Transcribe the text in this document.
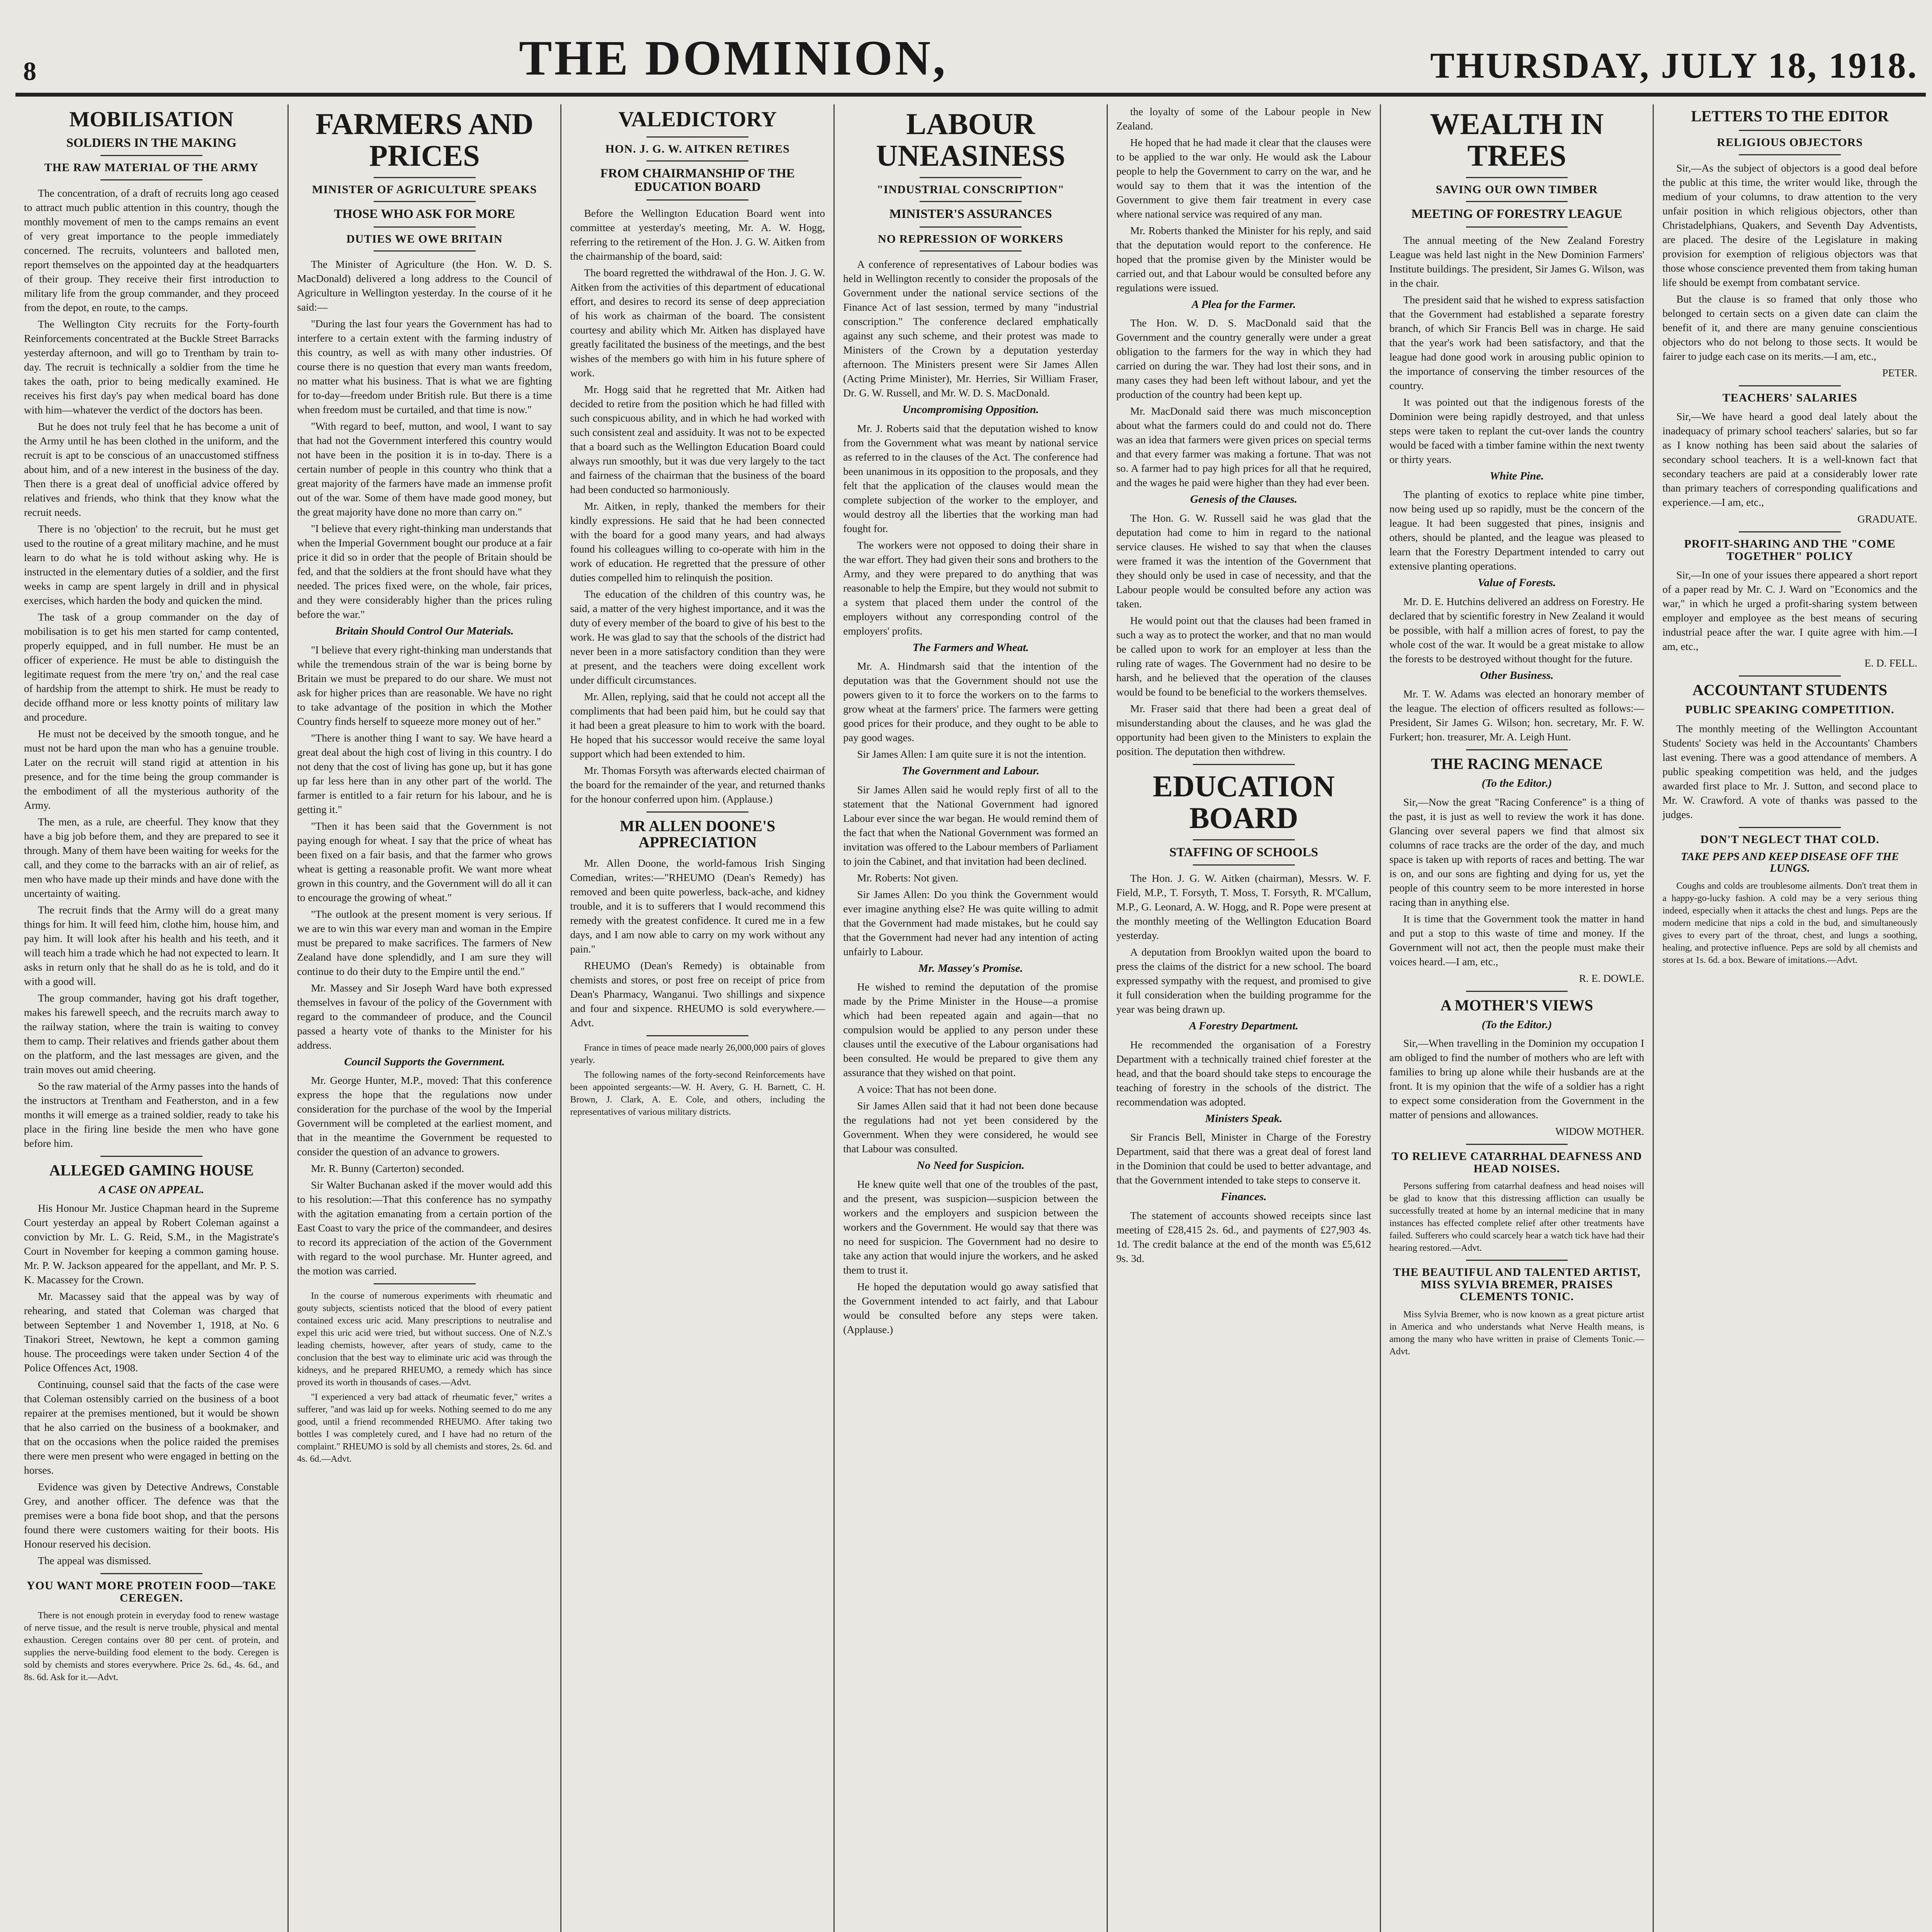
8	THE DOMINION,	THURSDAY, JULY 18, 1918.
MOBILISATION
SOLDIERS IN THE MAKING
THE RAW MATERIAL OF THE ARMY

The concentration, of a draft of recruits long ago ceased to attract much public attention in this country, though the monthly movement of men to the camps remains an event of very great importance to the people immediately concerned. The recruits, volunteers and balloted men, report themselves on the appointed day at the headquarters of their group. They receive their first introduction to military life from the group commander, and they proceed from the depot, en route, to the camps.

The Wellington City recruits for the Forty-fourth Reinforcements concentrated at the Buckle Street Barracks yesterday afternoon, and will go to Trentham by train to-day. The recruit is technically a soldier from the time he takes the oath, prior to being medically examined. He receives his first day's pay when medical board has done with him—whatever the verdict of the doctors has been.

But he does not truly feel that he has become a unit of the Army until he has been clothed in the uniform, and the recruit is apt to be conscious of an unaccustomed stiffness about him, and of a new interest in the business of the day. Then there is a great deal of unofficial advice offered by relatives and friends, who think that they know what the recruit needs.

There is no 'objection' to the recruit, but he must get used to the routine of a great military machine, and he must learn to do what he is told without asking why. He is instructed in the elementary duties of a soldier, and the first weeks in camp are spent largely in drill and in physical exercises, which harden the body and quicken the mind.

The task of a group commander on the day of mobilisation is to get his men started for camp contented, properly equipped, and in full number. He must be an officer of experience. He must be able to distinguish the legitimate request from the mere 'try on,' and the real case of hardship from the attempt to shirk. He must be ready to decide offhand more or less knotty points of military law and procedure.

He must not be deceived by the smooth tongue, and he must not be hard upon the man who has a genuine trouble. Later on the recruit will stand rigid at attention in his presence, and for the time being the group commander is the embodiment of all the mysterious authority of the Army.

The men, as a rule, are cheerful. They know that they have a big job before them, and they are prepared to see it through. Many of them have been waiting for weeks for the call, and they come to the barracks with an air of relief, as men who have made up their minds and have done with the uncertainty of waiting.

The recruit finds that the Army will do a great many things for him. It will feed him, clothe him, house him, and pay him. It will look after his health and his teeth, and it will teach him a trade which he had not expected to learn. It asks in return only that he shall do as he is told, and do it with a good will.

The group commander, having got his draft together, makes his farewell speech, and the recruits march away to the railway station, where the train is waiting to convey them to camp. Their relatives and friends gather about them on the platform, and the last messages are given, and the train moves out amid cheering.

So the raw material of the Army passes into the hands of the instructors at Trentham and Featherston, and in a few months it will emerge as a trained soldier, ready to take his place in the firing line beside the men who have gone before him.

ALLEGED GAMING HOUSE
A CASE ON APPEAL.

His Honour Mr. Justice Chapman heard in the Supreme Court yesterday an appeal by Robert Coleman against a conviction by Mr. L. G. Reid, S.M., in the Magistrate's Court in November for keeping a common gaming house. Mr. P. W. Jackson appeared for the appellant, and Mr. P. S. K. Macassey for the Crown.

Mr. Macassey said that the appeal was by way of rehearing, and stated that Coleman was charged that between September 1 and November 1, 1918, at No. 6 Tinakori Street, Newtown, he kept a common gaming house. The proceedings were taken under Section 4 of the Police Offences Act, 1908.

Continuing, counsel said that the facts of the case were that Coleman ostensibly carried on the business of a boot repairer at the premises mentioned, but it would be shown that he also carried on the business of a bookmaker, and that on the occasions when the police raided the premises there were men present who were engaged in betting on the horses.

Evidence was given by Detective Andrews, Constable Grey, and another officer. The defence was that the premises were a bona fide boot shop, and that the persons found there were customers waiting for their boots. His Honour reserved his decision.

The appeal was dismissed.

YOU WANT MORE PROTEIN FOOD—TAKE CEREGEN.

There is not enough protein in everyday food to renew wastage of nerve tissue, and the result is nerve trouble, physical and mental exhaustion. Ceregen contains over 80 per cent. of protein, and supplies the nerve-building food element to the body. Ceregen is sold by chemists and stores everywhere. Price 2s. 6d., 4s. 6d., and 8s. 6d. Ask for it.—Advt.

FARMERS AND PRICES
MINISTER OF AGRICULTURE SPEAKS
THOSE WHO ASK FOR MORE
DUTIES WE OWE BRITAIN

The Minister of Agriculture (the Hon. W. D. S. MacDonald) delivered a long address to the Council of Agriculture in Wellington yesterday. In the course of it he said:—

"During the last four years the Government has had to interfere to a certain extent with the farming industry of this country, as well as with many other industries. Of course there is no question that every man wants freedom, no matter what his business. That is what we are fighting for to-day—freedom under British rule. But there is a time when freedom must be curtailed, and that time is now."

"With regard to beef, mutton, and wool, I want to say that had not the Government interfered this country would not have been in the position it is in to-day. There is a certain number of people in this country who think that a great majority of the farmers have made an immense profit out of the war. Some of them have made good money, but the great majority have done no more than carry on."

"I believe that every right-thinking man understands that when the Imperial Government bought our produce at a fair price it did so in order that the people of Britain should be fed, and that the soldiers at the front should have what they needed. The prices fixed were, on the whole, fair prices, and they were considerably higher than the prices ruling before the war."

Britain Should Control Our Materials.

"I believe that every right-thinking man understands that while the tremendous strain of the war is being borne by Britain we must be prepared to do our share. We must not ask for higher prices than are reasonable. We have no right to take advantage of the position in which the Mother Country finds herself to squeeze more money out of her."

"There is another thing I want to say. We have heard a great deal about the high cost of living in this country. I do not deny that the cost of living has gone up, but it has gone up far less here than in any other part of the world. The farmer is entitled to a fair return for his labour, and he is getting it."

"Then it has been said that the Government is not paying enough for wheat. I say that the price of wheat has been fixed on a fair basis, and that the farmer who grows wheat is getting a reasonable profit. We want more wheat grown in this country, and the Government will do all it can to encourage the growing of wheat."

"The outlook at the present moment is very serious. If we are to win this war every man and woman in the Empire must be prepared to make sacrifices. The farmers of New Zealand have done splendidly, and I am sure they will continue to do their duty to the Empire until the end."

Mr. Massey and Sir Joseph Ward have both expressed themselves in favour of the policy of the Government with regard to the commandeer of produce, and the Council passed a hearty vote of thanks to the Minister for his address.

Council Supports the Government.

Mr. George Hunter, M.P., moved: That this conference express the hope that the regulations now under consideration for the purchase of the wool by the Imperial Government will be completed at the earliest moment, and that in the meantime the Government be requested to consider the question of an advance to growers.

Mr. R. Bunny (Carterton) seconded.

Sir Walter Buchanan asked if the mover would add this to his resolution:—That this conference has no sympathy with the agitation emanating from a certain portion of the East Coast to vary the price of the commandeer, and desires to record its appreciation of the action of the Government with regard to the wool purchase. Mr. Hunter agreed, and the motion was carried.

In the course of numerous experiments with rheumatic and gouty subjects, scientists noticed that the blood of every patient contained excess uric acid. Many prescriptions to neutralise and expel this uric acid were tried, but without success. One of N.Z.'s leading chemists, however, after years of study, came to the conclusion that the best way to eliminate uric acid was through the kidneys, and he prepared RHEUMO, a remedy which has since proved its worth in thousands of cases.—Advt.

"I experienced a very bad attack of rheumatic fever," writes a sufferer, "and was laid up for weeks. Nothing seemed to do me any good, until a friend recommended RHEUMO. After taking two bottles I was completely cured, and I have had no return of the complaint." RHEUMO is sold by all chemists and stores, 2s. 6d. and 4s. 6d.—Advt.

VALEDICTORY
HON. J. G. W. AITKEN RETIRES
FROM CHAIRMANSHIP OF THE EDUCATION BOARD

Before the Wellington Education Board went into committee at yesterday's meeting, Mr. A. W. Hogg, referring to the retirement of the Hon. J. G. W. Aitken from the chairmanship of the board, said:

The board regretted the withdrawal of the Hon. J. G. W. Aitken from the activities of this department of educational effort, and desires to record its sense of deep appreciation of his work as chairman of the board. The consistent courtesy and ability which Mr. Aitken has displayed have greatly facilitated the business of the meetings, and the best wishes of the members go with him in his future sphere of work.

Mr. Hogg said that he regretted that Mr. Aitken had decided to retire from the position which he had filled with such conspicuous ability, and in which he had worked with such consistent zeal and assiduity. It was not to be expected that a board such as the Wellington Education Board could always run smoothly, but it was due very largely to the tact and fairness of the chairman that the business of the board had been conducted so harmoniously.

Mr. Aitken, in reply, thanked the members for their kindly expressions. He said that he had been connected with the board for a good many years, and had always found his colleagues willing to co-operate with him in the work of education. He regretted that the pressure of other duties compelled him to relinquish the position.

The education of the children of this country was, he said, a matter of the very highest importance, and it was the duty of every member of the board to give of his best to the work. He was glad to say that the schools of the district had never been in a more satisfactory condition than they were at present, and the teachers were doing excellent work under difficult circumstances.

Mr. Allen, replying, said that he could not accept all the compliments that had been paid him, but he could say that it had been a great pleasure to him to work with the board. He hoped that his successor would receive the same loyal support which had been extended to him.

Mr. Thomas Forsyth was afterwards elected chairman of the board for the remainder of the year, and returned thanks for the honour conferred upon him. (Applause.)

MR ALLEN DOONE'S APPRECIATION

Mr. Allen Doone, the world-famous Irish Singing Comedian, writes:—"RHEUMO (Dean's Remedy) has removed and been quite powerless, back-ache, and kidney trouble, and it is to sufferers that I would recommend this remedy with the greatest confidence. It cured me in a few days, and I am now able to carry on my work without any pain."

RHEUMO (Dean's Remedy) is obtainable from chemists and stores, or post free on receipt of price from Dean's Pharmacy, Wanganui. Two shillings and sixpence and four and sixpence. RHEUMO is sold everywhere.—Advt.

France in times of peace made nearly 26,000,000 pairs of gloves yearly.

The following names of the forty-second Reinforcements have been appointed sergeants:—W. H. Avery, G. H. Barnett, C. H. Brown, J. Clark, A. E. Cole, and others, including the representatives of various military districts.

LABOUR UNEASINESS
"INDUSTRIAL CONSCRIPTION"
MINISTER'S ASSURANCES
NO REPRESSION OF WORKERS

A conference of representatives of Labour bodies was held in Wellington recently to consider the proposals of the Government under the national service sections of the Finance Act of last session, termed by many "industrial conscription." The conference declared emphatically against any such scheme, and their protest was made to Ministers of the Crown by a deputation yesterday afternoon. The Ministers present were Sir James Allen (Acting Prime Minister), Mr. Herries, Sir William Fraser, Dr. G. W. Russell, and Mr. W. D. S. MacDonald.

Uncompromising Opposition.

Mr. J. Roberts said that the deputation wished to know from the Government what was meant by national service as referred to in the clauses of the Act. The conference had been unanimous in its opposition to the proposals, and they felt that the application of the clauses would mean the complete subjection of the worker to the employer, and would destroy all the liberties that the working man had fought for.

The workers were not opposed to doing their share in the war effort. They had given their sons and brothers to the Army, and they were prepared to do anything that was reasonable to help the Empire, but they would not submit to a system that placed them under the control of the employers without any corresponding control of the employers' profits.

The Farmers and Wheat.

Mr. A. Hindmarsh said that the intention of the deputation was that the Government should not use the powers given to it to force the workers on to the farms to grow wheat at the farmers' price. The farmers were getting good prices for their produce, and they ought to be able to pay good wages.

Sir James Allen: I am quite sure it is not the intention.

The Government and Labour.

Sir James Allen said he would reply first of all to the statement that the National Government had ignored Labour ever since the war began. He would remind them of the fact that when the National Government was formed an invitation was offered to the Labour members of Parliament to join the Cabinet, and that invitation had been declined.

Mr. Roberts: Not given.

Sir James Allen: Do you think the Government would ever imagine anything else? He was quite willing to admit that the Government had made mistakes, but he could say that the Government had never had any intention of acting unfairly to Labour.

Mr. Massey's Promise.

He wished to remind the deputation of the promise made by the Prime Minister in the House—a promise which had been repeated again and again—that no compulsion would be applied to any person under these clauses until the executive of the Labour organisations had been consulted. He would be prepared to give them any assurance that they wished on that point.

A voice: That has not been done.

Sir James Allen said that it had not been done because the regulations had not yet been considered by the Government. When they were considered, he would see that Labour was consulted.

No Need for Suspicion.

He knew quite well that one of the troubles of the past, and the present, was suspicion—suspicion between the workers and the employers and suspicion between the workers and the Government. He would say that there was no need for suspicion. The Government had no desire to take any action that would injure the workers, and he asked them to trust it.

He hoped the deputation would go away satisfied that the Government intended to act fairly, and that Labour would be consulted before any steps were taken. (Applause.)

the loyalty of some of the Labour people in New Zealand.

He hoped that he had made it clear that the clauses were to be applied to the war only. He would ask the Labour people to help the Government to carry on the war, and he would say to them that it was the intention of the Government to give them fair treatment in every case where national service was required of any man.

Mr. Roberts thanked the Minister for his reply, and said that the deputation would report to the conference. He hoped that the promise given by the Minister would be carried out, and that Labour would be consulted before any regulations were issued.

A Plea for the Farmer.

The Hon. W. D. S. MacDonald said that the Government and the country generally were under a great obligation to the farmers for the way in which they had carried on during the war. They had lost their sons, and in many cases they had been left without labour, and yet the production of the country had been kept up.

Mr. MacDonald said there was much misconception about what the farmers could do and could not do. There was an idea that farmers were given prices on special terms and that every farmer was making a fortune. That was not so. A farmer had to pay high prices for all that he required, and the wages he paid were higher than they had ever been.

Genesis of the Clauses.

The Hon. G. W. Russell said he was glad that the deputation had come to him in regard to the national service clauses. He wished to say that when the clauses were framed it was the intention of the Government that they should only be used in case of necessity, and that the Labour people would be consulted before any action was taken.

He would point out that the clauses had been framed in such a way as to protect the worker, and that no man would be called upon to work for an employer at less than the ruling rate of wages. The Government had no desire to be harsh, and he believed that the operation of the clauses would be found to be beneficial to the workers themselves.

Mr. Fraser said that there had been a great deal of misunderstanding about the clauses, and he was glad the opportunity had been given to the Ministers to explain the position. The deputation then withdrew.

EDUCATION BOARD
STAFFING OF SCHOOLS

The Hon. J. G. W. Aitken (chairman), Messrs. W. F. Field, M.P., T. Forsyth, T. Moss, T. Forsyth, R. M'Callum, M.P., G. Leonard, A. W. Hogg, and R. Pope were present at the monthly meeting of the Wellington Education Board yesterday.

A deputation from Brooklyn waited upon the board to press the claims of the district for a new school. The board expressed sympathy with the request, and promised to give it full consideration when the building programme for the year was being drawn up.

A Forestry Department.

He recommended the organisation of a Forestry Department with a technically trained chief forester at the head, and that the board should take steps to encourage the teaching of forestry in the schools of the district. The recommendation was adopted.

Ministers Speak.

Sir Francis Bell, Minister in Charge of the Forestry Department, said that there was a great deal of forest land in the Dominion that could be used to better advantage, and that the Government intended to take steps to conserve it.

Finances.

The statement of accounts showed receipts since last meeting of £28,415 2s. 6d., and payments of £27,903 4s. 1d. The credit balance at the end of the month was £5,612 9s. 3d.

WEALTH IN TREES
SAVING OUR OWN TIMBER
MEETING OF FORESTRY LEAGUE

The annual meeting of the New Zealand Forestry League was held last night in the New Dominion Farmers' Institute buildings. The president, Sir James G. Wilson, was in the chair.

The president said that he wished to express satisfaction that the Government had established a separate forestry branch, of which Sir Francis Bell was in charge. He said that the year's work had been satisfactory, and that the league had done good work in arousing public opinion to the importance of conserving the timber resources of the country.

It was pointed out that the indigenous forests of the Dominion were being rapidly destroyed, and that unless steps were taken to replant the cut-over lands the country would be faced with a timber famine within the next twenty or thirty years.

White Pine.

The planting of exotics to replace white pine timber, now being used up so rapidly, must be the concern of the league. It had been suggested that pines, insignis and others, should be planted, and the league was pleased to learn that the Forestry Department intended to carry out extensive planting operations.

Value of Forests.

Mr. D. E. Hutchins delivered an address on Forestry. He declared that by scientific forestry in New Zealand it would be possible, with half a million acres of forest, to pay the whole cost of the war. It would be a great mistake to allow the forests to be destroyed without thought for the future.

Other Business.

Mr. T. W. Adams was elected an honorary member of the league. The election of officers resulted as follows:—President, Sir James G. Wilson; hon. secretary, Mr. F. W. Furkert; hon. treasurer, Mr. A. Leigh Hunt.

THE RACING MENACE
(To the Editor.)

Sir,—Now the great "Racing Conference" is a thing of the past, it is just as well to review the work it has done. Glancing over several papers we find that almost six columns of race tracks are the order of the day, and much space is taken up with reports of races and betting. The war is on, and our sons are fighting and dying for us, yet the people of this country seem to be more interested in horse racing than in anything else.

It is time that the Government took the matter in hand and put a stop to this waste of time and money. If the Government will not act, then the people must make their voices heard.—I am, etc.,

R. E. DOWLE.

A MOTHER'S VIEWS
(To the Editor.)

Sir,—When travelling in the Dominion my occupation I am obliged to find the number of mothers who are left with families to bring up alone while their husbands are at the front. It is my opinion that the wife of a soldier has a right to expect some consideration from the Government in the matter of pensions and allowances.

WIDOW MOTHER.

TO RELIEVE CATARRHAL DEAFNESS AND HEAD NOISES.

Persons suffering from catarrhal deafness and head noises will be glad to know that this distressing affliction can usually be successfully treated at home by an internal medicine that in many instances has effected complete relief after other treatments have failed. Sufferers who could scarcely hear a watch tick have had their hearing restored.—Advt.

THE BEAUTIFUL AND TALENTED ARTIST, MISS SYLVIA BREMER, PRAISES CLEMENTS TONIC.

Miss Sylvia Bremer, who is now known as a great picture artist in America and who understands what Nerve Health means, is among the many who have written in praise of Clements Tonic.—Advt.

LETTERS TO THE EDITOR
RELIGIOUS OBJECTORS

Sir,—As the subject of objectors is a good deal before the public at this time, the writer would like, through the medium of your columns, to draw attention to the very unfair position in which religious objectors, other than Christadelphians, Quakers, and Seventh Day Adventists, are placed. The desire of the Legislature in making provision for exemption of religious objectors was that those whose conscience prevented them from taking human life should be exempt from combatant service.

But the clause is so framed that only those who belonged to certain sects on a given date can claim the benefit of it, and there are many genuine conscientious objectors who do not belong to those sects. It would be fairer to judge each case on its merits.—I am, etc.,

PETER.

TEACHERS' SALARIES

Sir,—We have heard a good deal lately about the inadequacy of primary school teachers' salaries, but so far as I know nothing has been said about the salaries of secondary school teachers. It is a well-known fact that secondary teachers are paid at a considerably lower rate than primary teachers of corresponding qualifications and experience.—I am, etc.,

GRADUATE.

PROFIT-SHARING AND THE "COME TOGETHER" POLICY

Sir,—In one of your issues there appeared a short report of a paper read by Mr. C. J. Ward on "Economics and the war," in which he urged a profit-sharing system between employer and employee as the best means of securing industrial peace after the war. I quite agree with him.—I am, etc.,

E. D. FELL.

ACCOUNTANT STUDENTS
PUBLIC SPEAKING COMPETITION.

The monthly meeting of the Wellington Accountant Students' Society was held in the Accountants' Chambers last evening. There was a good attendance of members. A public speaking competition was held, and the judges awarded first place to Mr. J. Sutton, and second place to Mr. W. Crawford. A vote of thanks was passed to the judges.

DON'T NEGLECT THAT COLD.
TAKE PEPS AND KEEP DISEASE OFF THE LUNGS.

Coughs and colds are troublesome ailments. Don't treat them in a happy-go-lucky fashion. A cold may be a very serious thing indeed, especially when it attacks the chest and lungs. Peps are the modern medicine that nips a cold in the bud, and simultaneously gives to every part of the throat, chest, and lungs a soothing, healing, and protective influence. Peps are sold by all chemists and stores at 1s. 6d. a box. Beware of imitations.—Advt.
